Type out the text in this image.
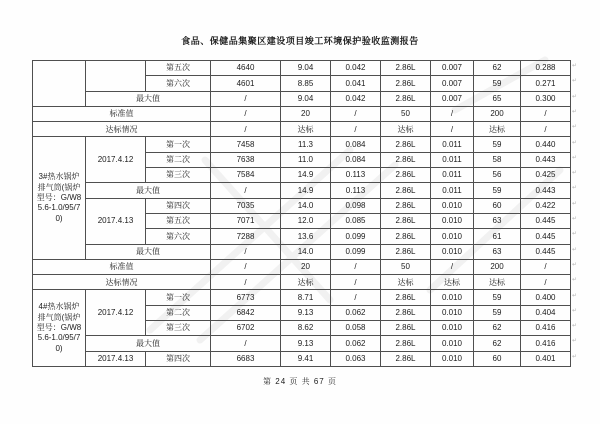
食品、保健品集聚区建设项目竣工环境保护验收监测报告
		第五次	4640	9.04	0.042	2.86L	0.007	62	0.288
		第六次	4601	8.85	0.041	2.86L	0.007	59	0.271
	最大值		/	9.04	0.042	2.86L	0.007	65	0.300
标准值			/	20	/	50	/	200	/
达标情况			/	达标	/	达标	/	达标	/
3#热水锅炉排气筒(锅炉型号：G/W85.6-1.0/95/70)	2017.4.12	第一次	7458	11.3	0.084	2.86L	0.011	59	0.440
		第二次	7638	11.0	0.084	2.86L	0.011	58	0.443
		第三次	7584	14.9	0.113	2.86L	0.011	56	0.425
	最大值		/	14.9	0.113	2.86L	0.011	59	0.443
	2017.4.13	第四次	7035	14.0	0.098	2.86L	0.010	60	0.422
		第五次	7071	12.0	0.085	2.86L	0.010	63	0.445
		第六次	7288	13.6	0.099	2.86L	0.010	61	0.445
	最大值		/	14.0	0.099	2.86L	0.010	63	0.445
标准值			/	20	/	50	/	200	/
达标情况			/	达标	/	达标	达标	达标	/
4#热水锅炉排气筒(锅炉型号：G/W85.6-1.0/95/70)	2017.4.12	第一次	6773	8.71	/	2.86L	0.010	59	0.400
		第二次	6842	9.13	0.062	2.86L	0.010	59	0.404
		第三次	6702	8.62	0.058	2.86L	0.010	62	0.416
	最大值		/	9.13	0.062	2.86L	0.010	62	0.416
	2017.4.13	第四次	6683	9.41	0.063	2.86L	0.010	60	0.401
↵
↵
↵
↵
↵
↵
↵
↵
↵
↵
↵
↵
↵
↵
↵
↵
↵
↵
↵
↵
第 24 页 共 67 页
